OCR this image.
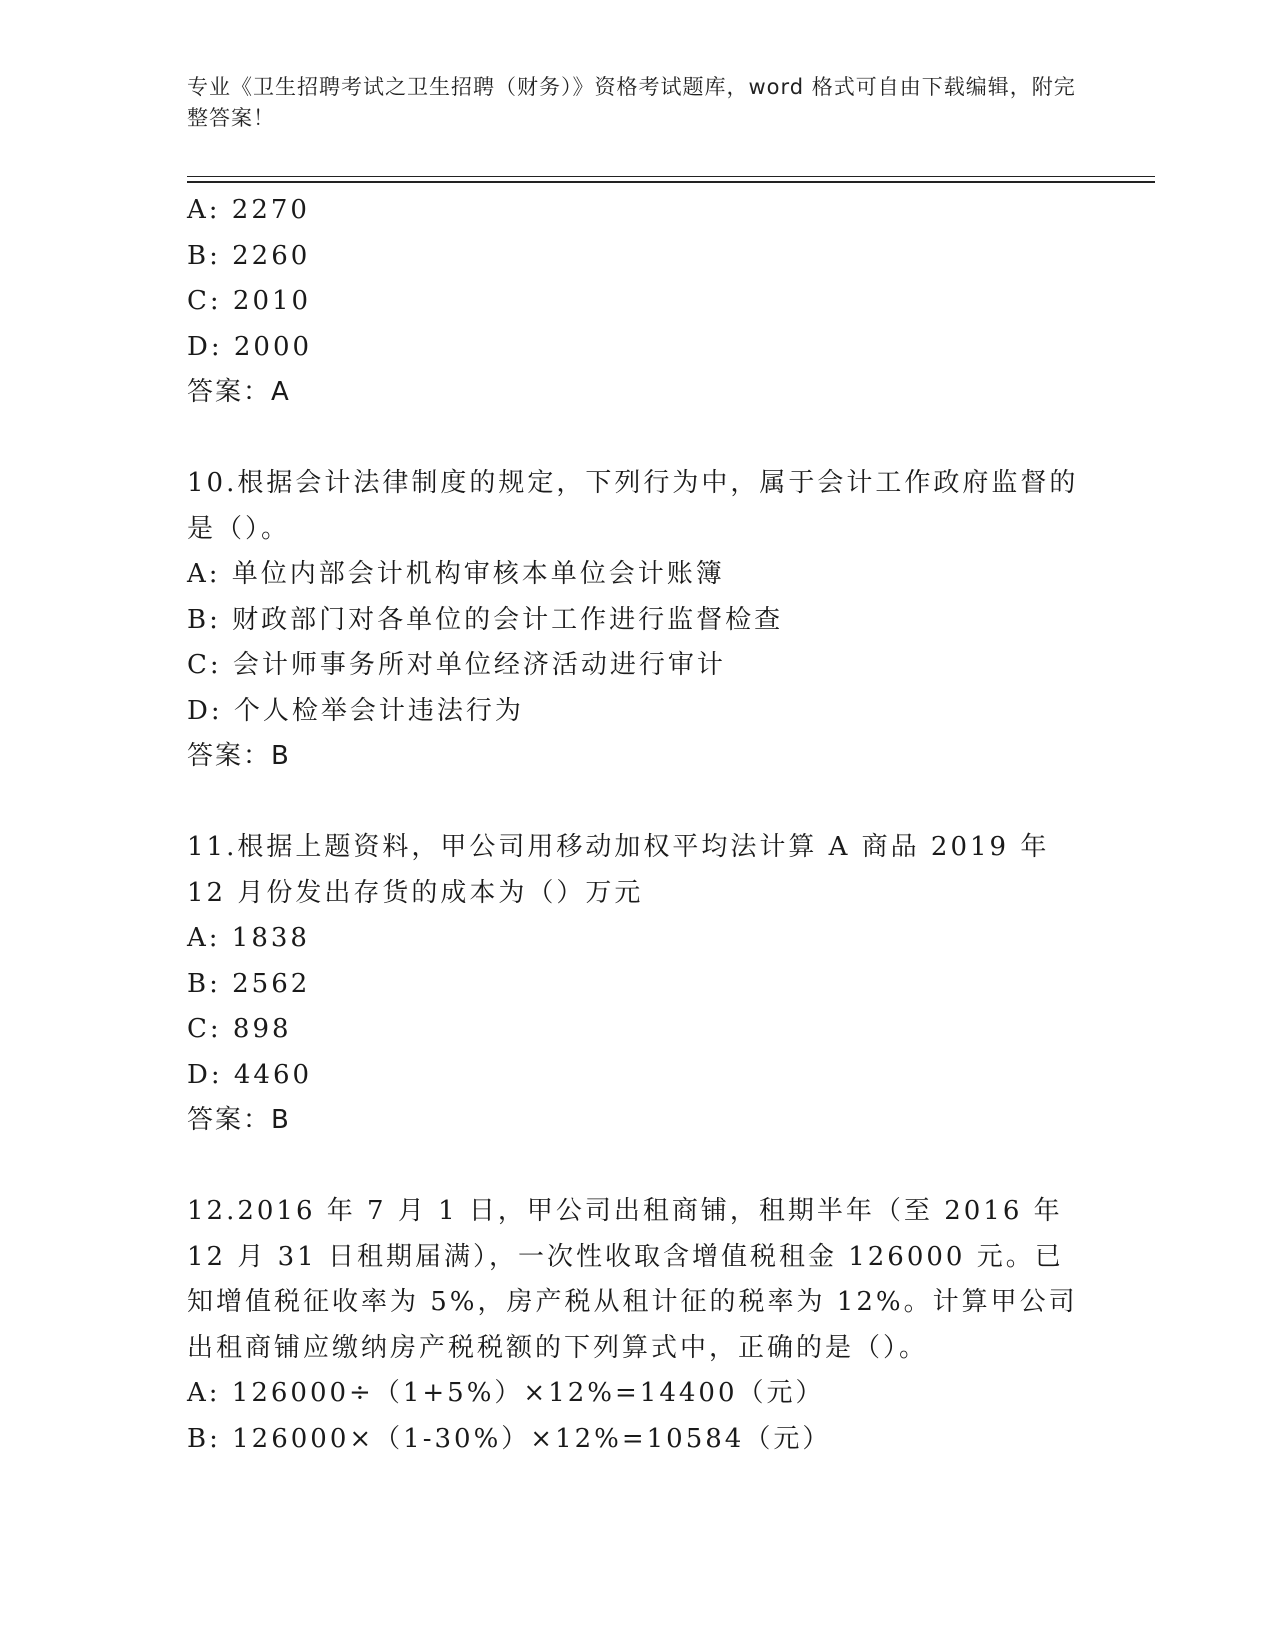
专业《卫生招聘考试之卫生招聘（财务）》资格考试题库，word 格式可自由下载编辑，附完整答案！
A: 2270
B: 2260
C: 2010
D: 2000
答案：A
10.根据会计法律制度的规定，下列行为中，属于会计工作政府监督的是（）。
A: 单位内部会计机构审核本单位会计账簿
B: 财政部门对各单位的会计工作进行监督检查
C: 会计师事务所对单位经济活动进行审计
D: 个人检举会计违法行为
答案：B
11.根据上题资料，甲公司用移动加权平均法计算 A 商品 2019 年 12 月份发出存货的成本为（）万元
A: 1838
B: 2562
C: 898
D: 4460
答案：B
12.2016 年 7 月 1 日，甲公司出租商铺，租期半年（至 2016 年 12 月 31 日租期届满），一次性收取含增值税租金 126000 元。已知增值税征收率为 5%，房产税从租计征的税率为 12%。计算甲公司出租商铺应缴纳房产税税额的下列算式中，正确的是（）。
A: 126000÷（1+5%）×12%=14400（元）
B: 126000×（1-30%）×12%=10584（元）
